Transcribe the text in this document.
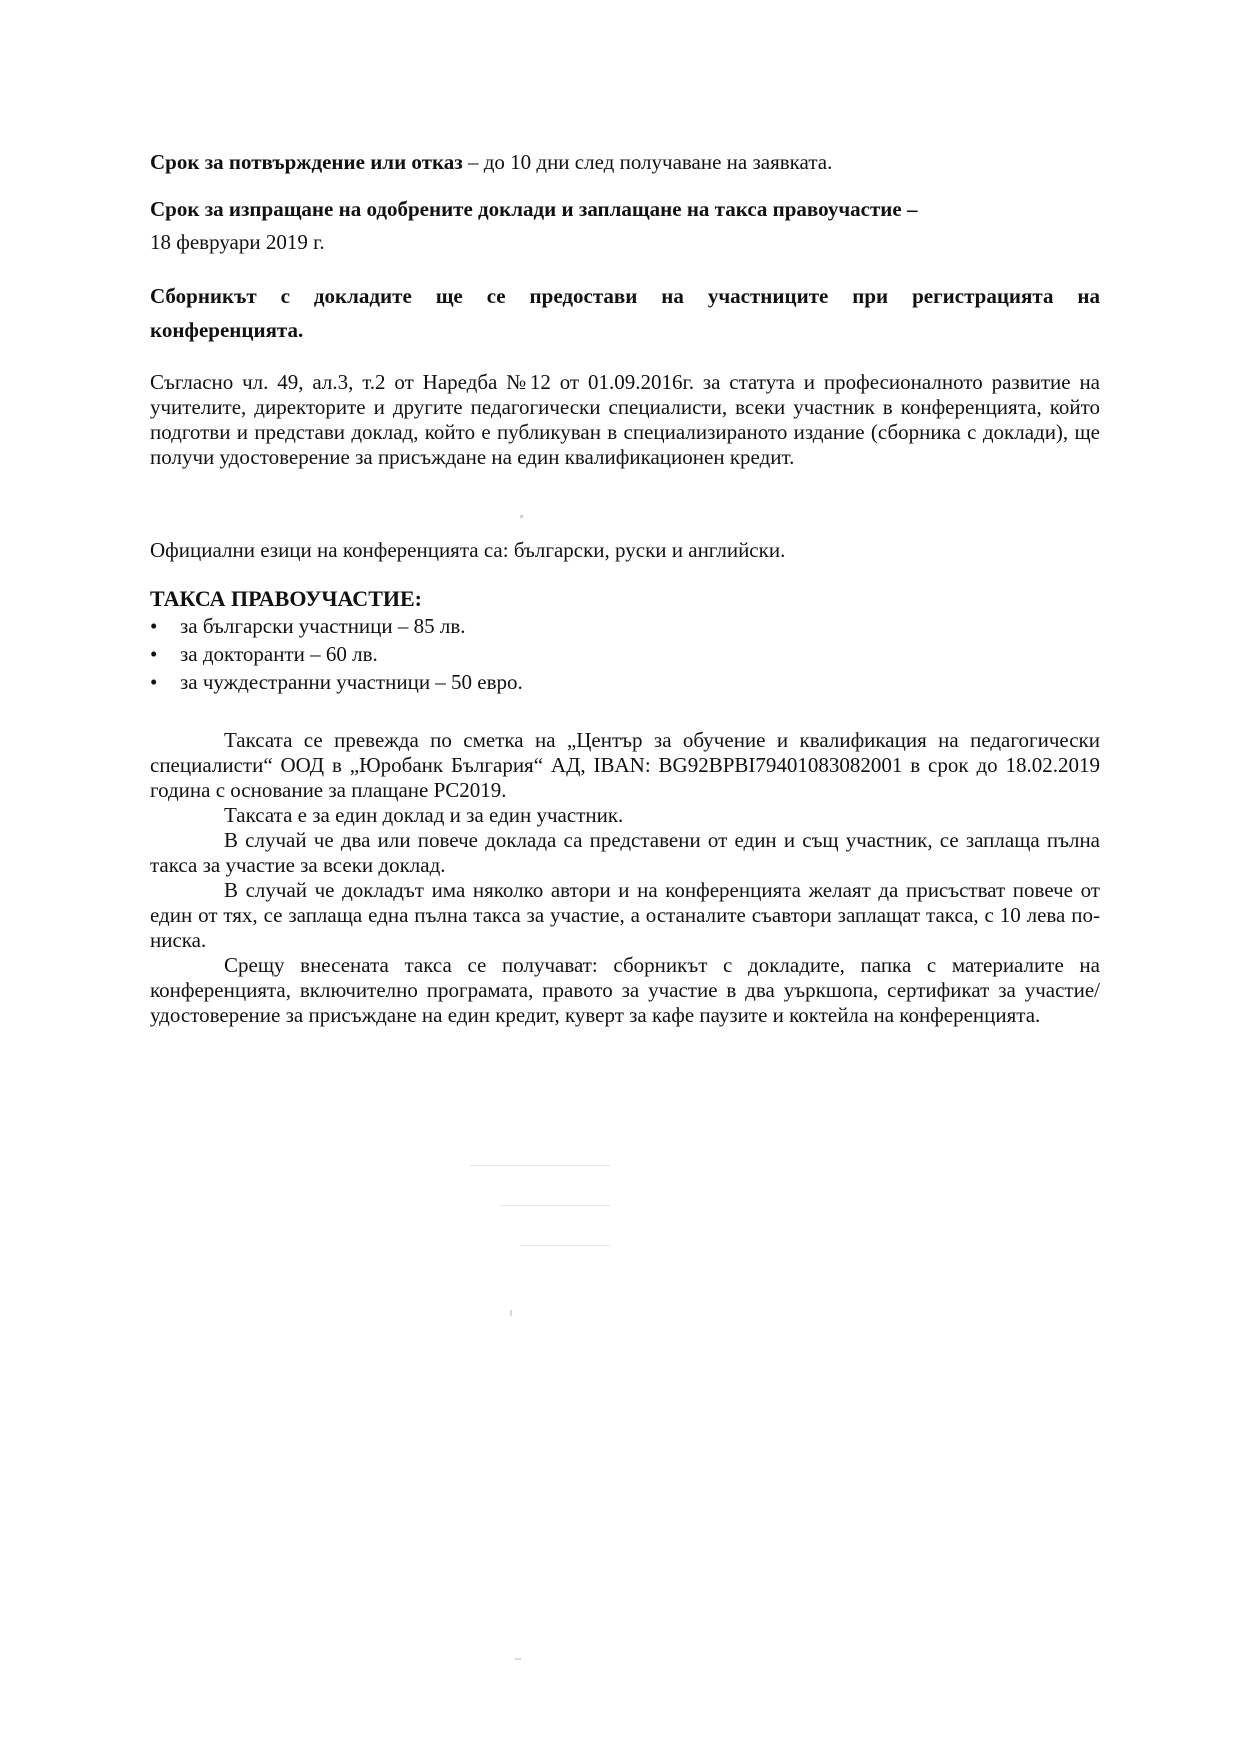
Срок за потвърждение или отказ – до 10 дни след получаване на заявката.

Срок за изпращане на одобрените доклади и заплащане на такса правоучастие –

18 февруари 2019 г.

Сборникът с докладите ще се предостави на участниците при регистрацията на

конференцията.

Съгласно чл. 49, ал.3, т.2 от Наредба №12 от 01.09.2016г. за статута и професионалното развитие на учителите, директорите и другите педагогически специалисти, всеки участник в конференцията, който подготви и представи доклад, който е публикуван в специализираното издание (сборника с доклади), ще получи удостоверение за присъждане на един квалификационен кредит.

Официални езици на конференцията са: български, руски и английски.

ТАКСА ПРАВОУЧАСТИЕ:

• за български участници – 85 лв.
• за докторанти – 60 лв.
• за чуждестранни участници – 50 евро.

Таксата се превежда по сметка на „Център за обучение и квалификация на педагогически специалисти“ ООД в „Юробанк България“ АД, IBAN: BG92BPBI79401083082001 в срок до 18.02.2019 година с основание за плащане PC2019.

Таксата е за един доклад и за един участник.

В случай че два или повече доклада са представени от един и същ участник, се заплаща пълна такса за участие за всеки доклад.

В случай че докладът има няколко автори и на конференцията желаят да присъстват повече от един от тях, се заплаща една пълна такса за участие, а останалите съавтори заплащат такса, с 10 лева по-ниска.

Срещу внесената такса се получават: сборникът с докладите, папка с материалите на конференцията, включително програмата, правото за участие в два уъркшопа, сертификат за участие/удостоверение за присъждане на един кредит, куверт за кафе паузите и коктейла на конференцията.
